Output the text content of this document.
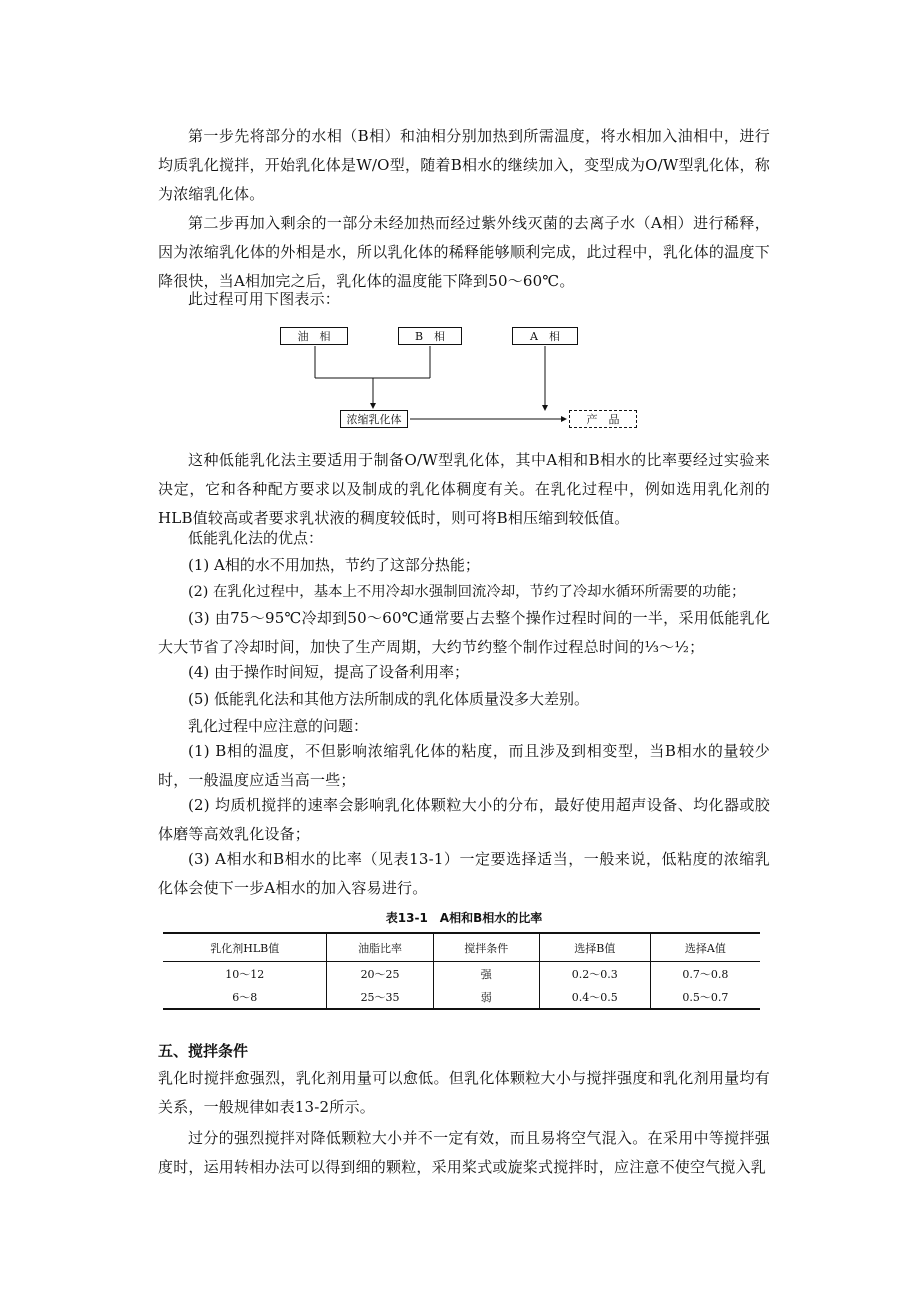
第一步先将部分的水相（B相）和油相分别加热到所需温度，将水相加入油相中，进行均质乳化搅拌，开始乳化体是W/O型，随着B相水的继续加入，变型成为O/W型乳化体，称为浓缩乳化体。

第二步再加入剩余的一部分未经加热而经过紫外线灭菌的去离子水（A相）进行稀释，因为浓缩乳化体的外相是水，所以乳化体的稀释能够顺利完成，此过程中，乳化体的温度下降很快，当A相加完之后，乳化体的温度能下降到50～60℃。

此过程可用下图表示：

油　相	B　相	A　相
浓缩乳化体	产　品

这种低能乳化法主要适用于制备O/W型乳化体，其中A相和B相水的比率要经过实验来决定，它和各种配方要求以及制成的乳化体稠度有关。在乳化过程中，例如选用乳化剂的HLB值较高或者要求乳状液的稠度较低时，则可将B相压缩到较低值。

低能乳化法的优点：

(1) A相的水不用加热，节约了这部分热能；

(2) 在乳化过程中，基本上不用冷却水强制回流冷却，节约了冷却水循环所需要的功能；

(3) 由75～95℃冷却到50～60℃通常要占去整个操作过程时间的一半，采用低能乳化大大节省了冷却时间，加快了生产周期，大约节约整个制作过程总时间的⅓～½；

(4) 由于操作时间短，提高了设备利用率；

(5) 低能乳化法和其他方法所制成的乳化体质量没多大差别。

乳化过程中应注意的问题：

(1) B相的温度，不但影响浓缩乳化体的粘度，而且涉及到相变型，当B相水的量较少时，一般温度应适当高一些；

(2) 均质机搅拌的速率会影响乳化体颗粒大小的分布，最好使用超声设备、均化器或胶体磨等高效乳化设备；

(3) A相水和B相水的比率（见表13-1）一定要选择适当，一般来说，低粘度的浓缩乳化体会使下一步A相水的加入容易进行。

表13-1　A相和B相水的比率
乳化剂HLB值	油脂比率	搅拌条件	选择B值	选择A值
10～12	20～25	强	0.2～0.3	0.7～0.8
6～8	25～35	弱	0.4～0.5	0.5～0.7
五、搅拌条件

乳化时搅拌愈强烈，乳化剂用量可以愈低。但乳化体颗粒大小与搅拌强度和乳化剂用量均有关系，一般规律如表13-2所示。

过分的强烈搅拌对降低颗粒大小并不一定有效，而且易将空气混入。在采用中等搅拌强度时，运用转相办法可以得到细的颗粒，采用桨式或旋桨式搅拌时，应注意不使空气搅入乳
